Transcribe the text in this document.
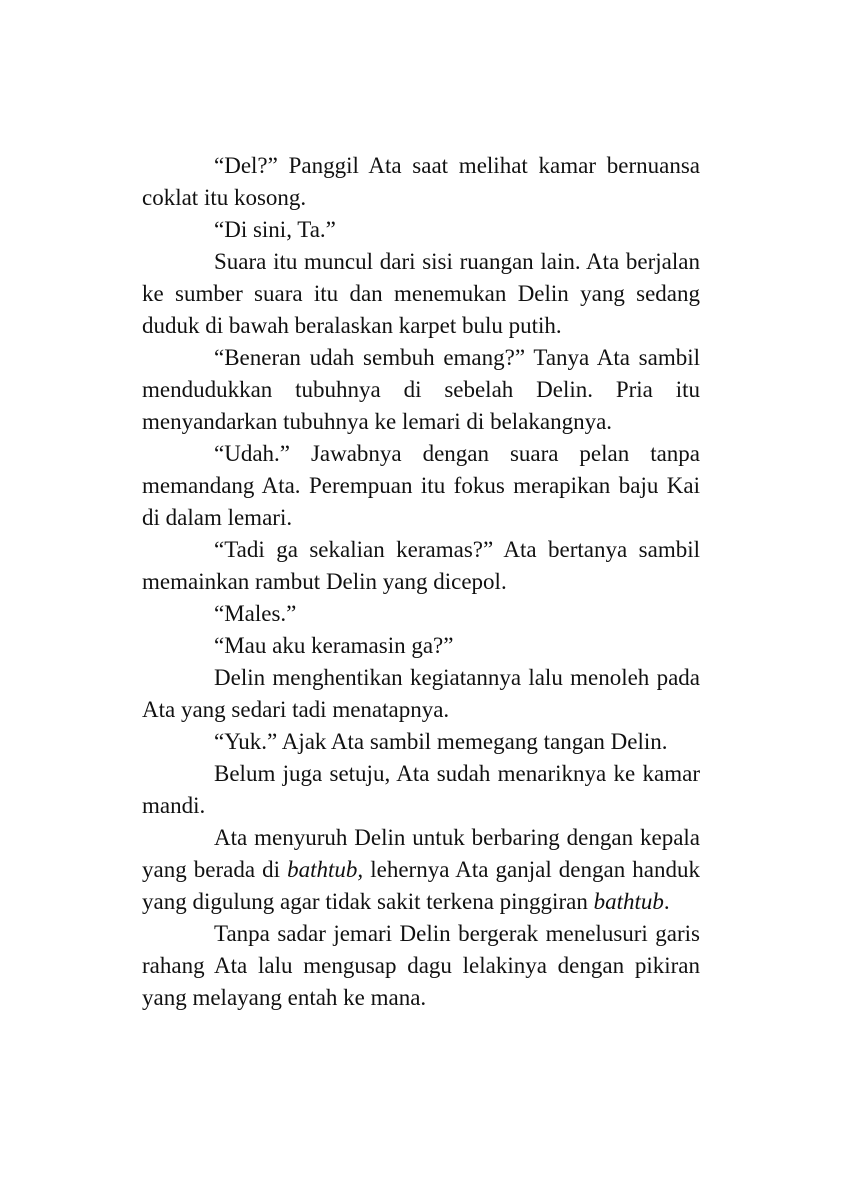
“Del?” Panggil Ata saat melihat kamar bernuansa coklat itu kosong.

“Di sini, Ta.”

Suara itu muncul dari sisi ruangan lain. Ata berjalan ke sumber suara itu dan menemukan Delin yang sedang duduk di bawah beralaskan karpet bulu putih.

“Beneran udah sembuh emang?” Tanya Ata sambil mendudukkan tubuhnya di sebelah Delin. Pria itu menyandarkan tubuhnya ke lemari di belakangnya.

“Udah.” Jawabnya dengan suara pelan tanpa memandang Ata. Perempuan itu fokus merapikan baju Kai di dalam lemari.

“Tadi ga sekalian keramas?” Ata bertanya sambil memainkan rambut Delin yang dicepol.

“Males.”

“Mau aku keramasin ga?”

Delin menghentikan kegiatannya lalu menoleh pada Ata yang sedari tadi menatapnya.

“Yuk.” Ajak Ata sambil memegang tangan Delin.

Belum juga setuju, Ata sudah menariknya ke kamar mandi.

Ata menyuruh Delin untuk berbaring dengan kepala yang berada di bathtub, lehernya Ata ganjal dengan handuk yang digulung agar tidak sakit terkena pinggiran bathtub.

Tanpa sadar jemari Delin bergerak menelusuri garis rahang Ata lalu mengusap dagu lelakinya dengan pikiran yang melayang entah ke mana.
